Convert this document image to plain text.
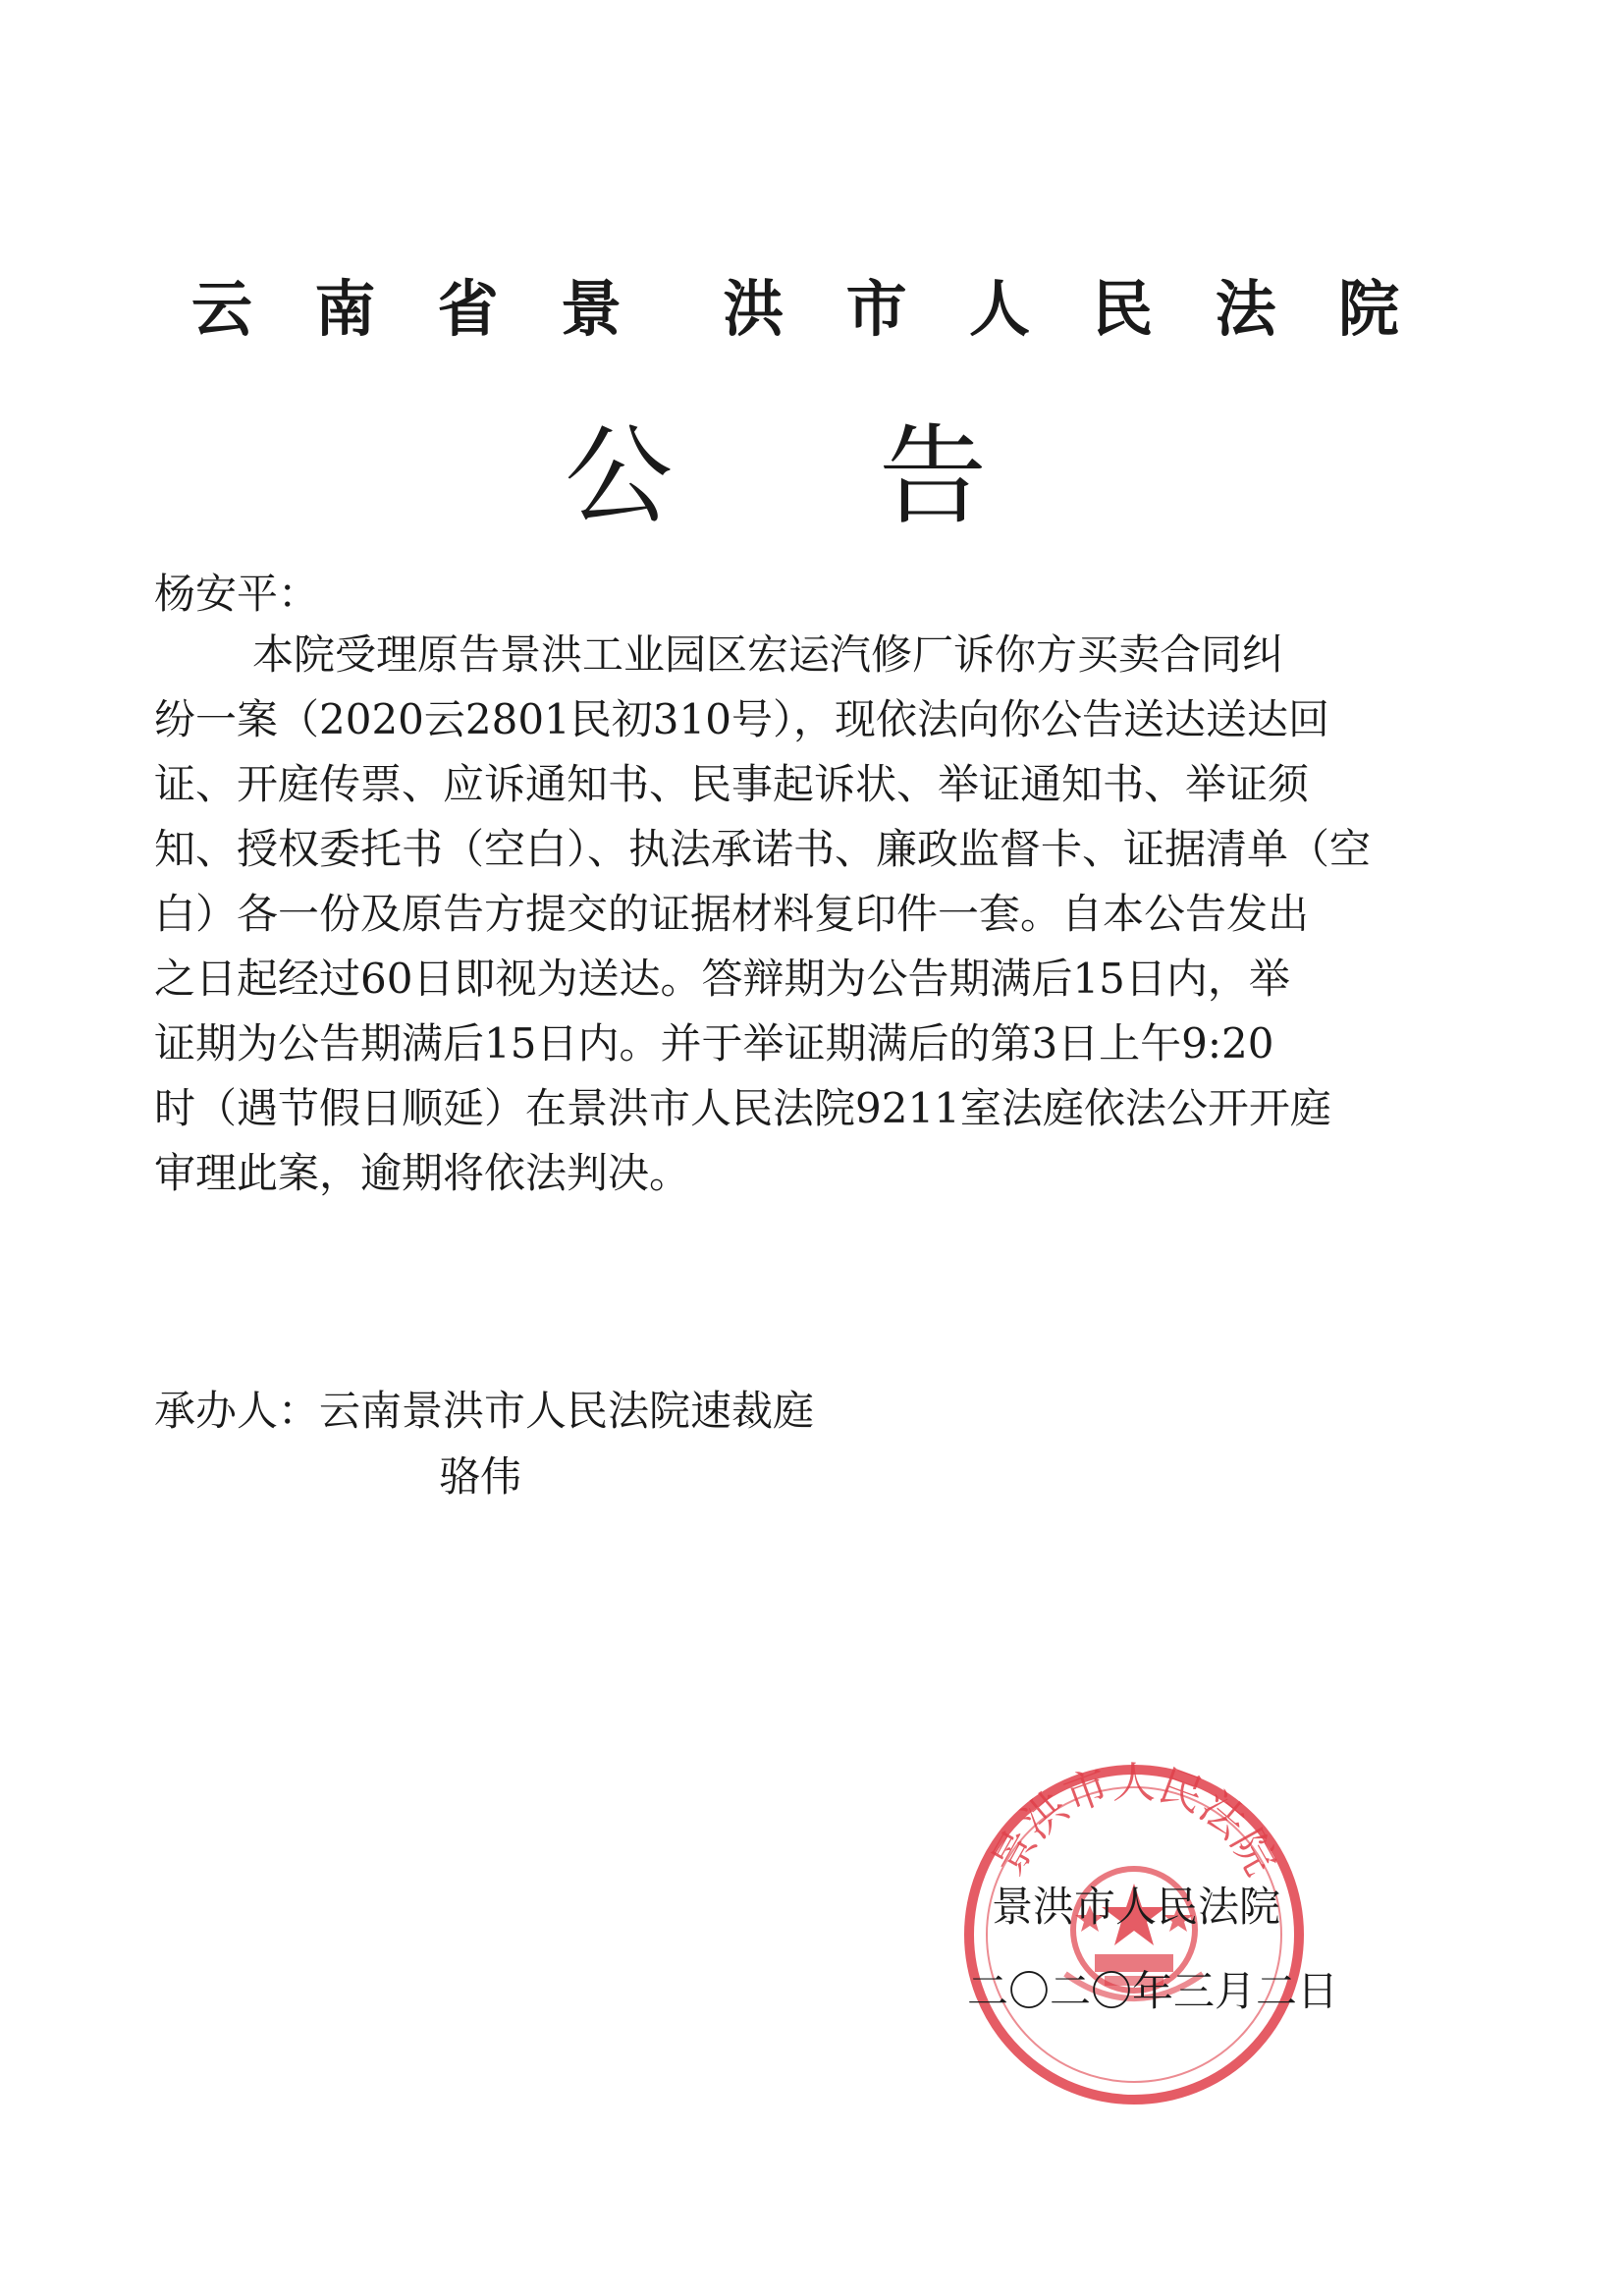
云 南 省 景 洪 市 人 民 法 院
公 告
杨安平：
本院受理原告景洪工业园区宏运汽修厂诉你方买卖合同纠
纷一案（2020云2801民初310号），现依法向你公告送达送达回
证、开庭传票、应诉通知书、民事起诉状、举证通知书、举证须
知、授权委托书（空白）、执法承诺书、廉政监督卡、证据清单（空
白）各一份及原告方提交的证据材料复印件一套。自本公告发出
之日起经过60日即视为送达。答辩期为公告期满后15日内，举
证期为公告期满后15日内。并于举证期满后的第3日上午9:20
时（遇节假日顺延）在景洪市人民法院9211室法庭依法公开开庭
审理此案，逾期将依法判决。
承办人：云南景洪市人民法院速裁庭
骆伟
景洪市人民法院
景洪市人民法院
二〇二〇年三月二日
